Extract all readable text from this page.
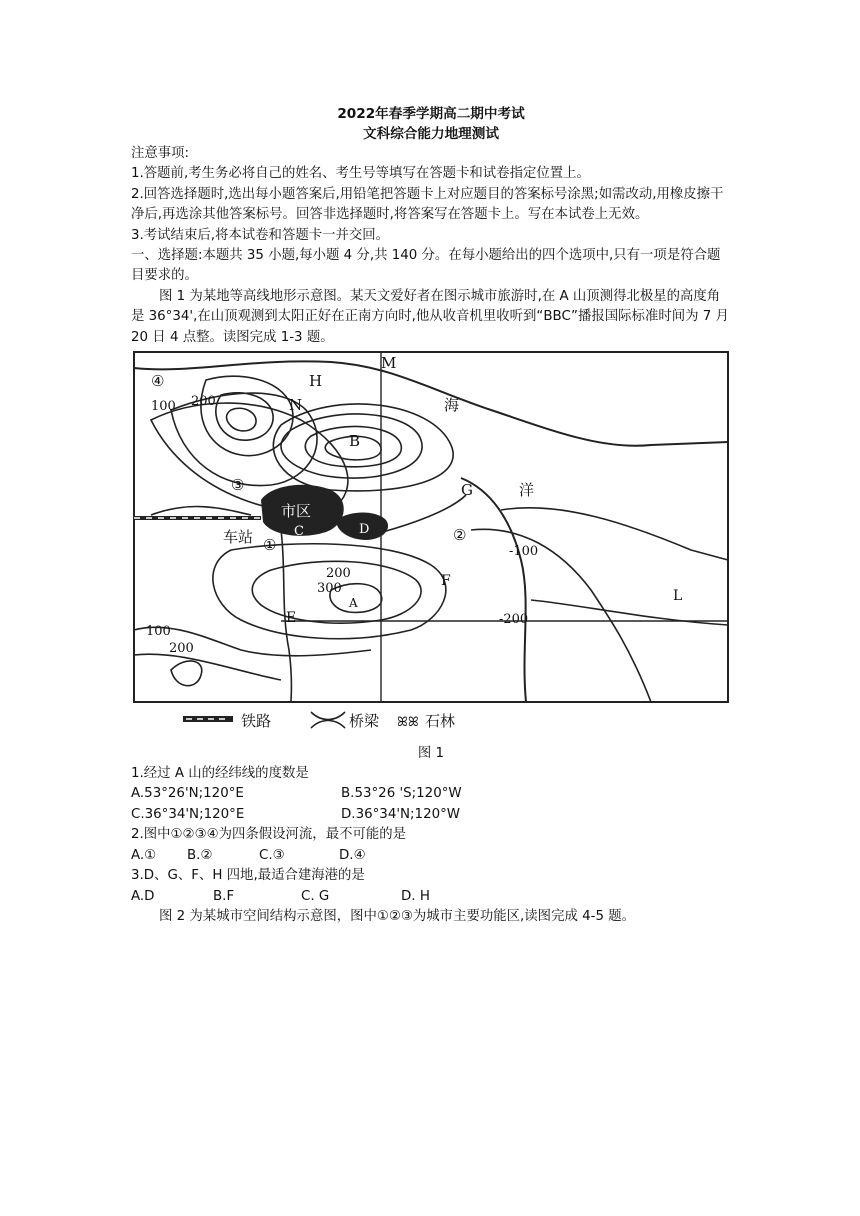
2022年春季学期高二期中考试
文科综合能力地理测试

注意事项:

1.答题前,考生务必将自己的姓名、考生号等填写在答题卡和试卷指定位置上。

2.回答选择题时,选出每小题答案后,用铅笔把答题卡上对应题目的答案标号涂黑;如需改动,用橡皮擦干净后,再选涂其他答案标号。回答非选择题时,将答案写在答题卡上。写在本试卷上无效。

3.考试结束后,将本试卷和答题卡一并交回。

一、选择题:本题共 35 小题,每小题 4 分,共 140 分。在每小题给出的四个选项中,只有一项是符合题目要求的。

图 1 为某地等高线地形示意图。某天文爱好者在图示城市旅游时,在 A 山顶测得北极星的高度角是 36°34',在山顶观测到太阳正好在正南方向时,他从收音机里收听到“BBC”播报国际标准时间为 7 月 20 日 4 点整。读图完成 1-3 题。

M
H
N
B
G
市区
C	D
车站
E
F
L
A
海
洋
①
②
③
④
100 200
200
300
100
200
-100
-200
铁路	桥梁 ꕤꕤ 石林
图 1

1.经过 A 山的经纬线的度数是

A.53°26'N;120°E	B.53°26 'S;120°W
C.36°34'N;120°E	D.36°34'N;120°W

2.图中①②③④为四条假设河流，最不可能的是

A.①	B.②	C.③	D.④

3.D、G、F、H 四地,最适合建海港的是

A.D	B.F	C. G	D. H

图 2 为某城市空间结构示意图，图中①②③为城市主要功能区,读图完成 4-5 题。
